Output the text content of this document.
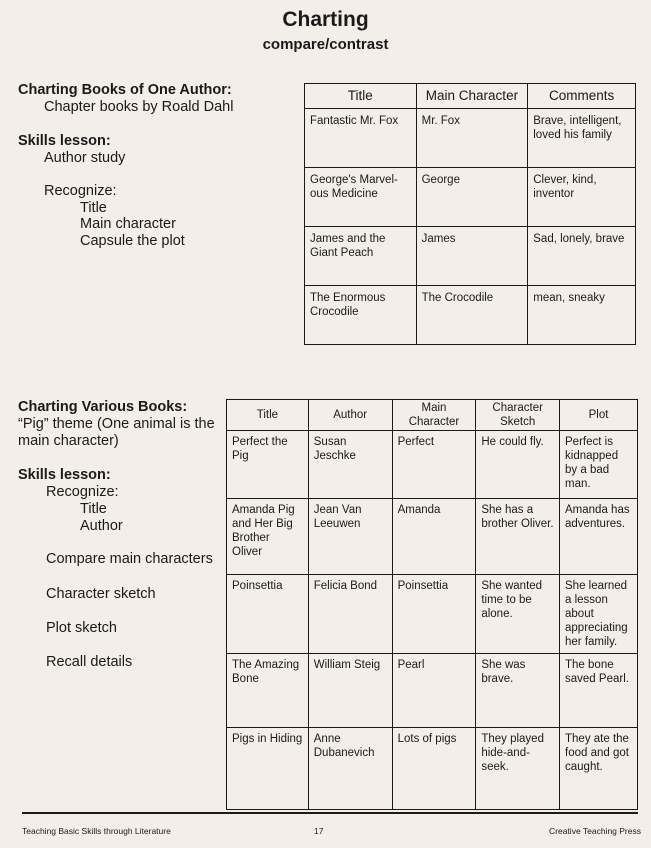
Charting
compare/contrast
Charting Books of One Author:
Chapter books by Roald Dahl
Skills lesson:
Author study
Recognize:
Title
Main character
Capsule the plot
Title	Main Character	Comments
Fantastic Mr. Fox	Mr. Fox	Brave, intelligent, loved his family
George's Marvel-ous Medicine	George	Clever, kind, inventor
James and the Giant Peach	James	Sad, lonely, brave
The Enormous Crocodile	The Crocodile	mean, sneaky
Charting Various Books:
“Pig” theme (One animal is the main character)
Skills lesson:
Recognize:
Title
Author
Compare main characters
Character sketch
Plot sketch
Recall details
Title	Author	Main Character	Character Sketch	Plot
Perfect the Pig	Susan Jeschke	Perfect	He could fly.	Perfect is kidnapped by a bad man.
Amanda Pig and Her Big Brother Oliver	Jean Van Leeuwen	Amanda	She has a brother Oliver.	Amanda has adventures.
Poinsettia	Felicia Bond	Poinsettia	She wanted time to be alone.	She learned a lesson about appreciating her family.
The Amazing Bone	William Steig	Pearl	She was brave.	The bone saved Pearl.
Pigs in Hiding	Anne Dubanevich	Lots of pigs	They played hide-and-seek.	They ate the food and got caught.
Teaching Basic Skills through Literature	17	Creative Teaching Press
